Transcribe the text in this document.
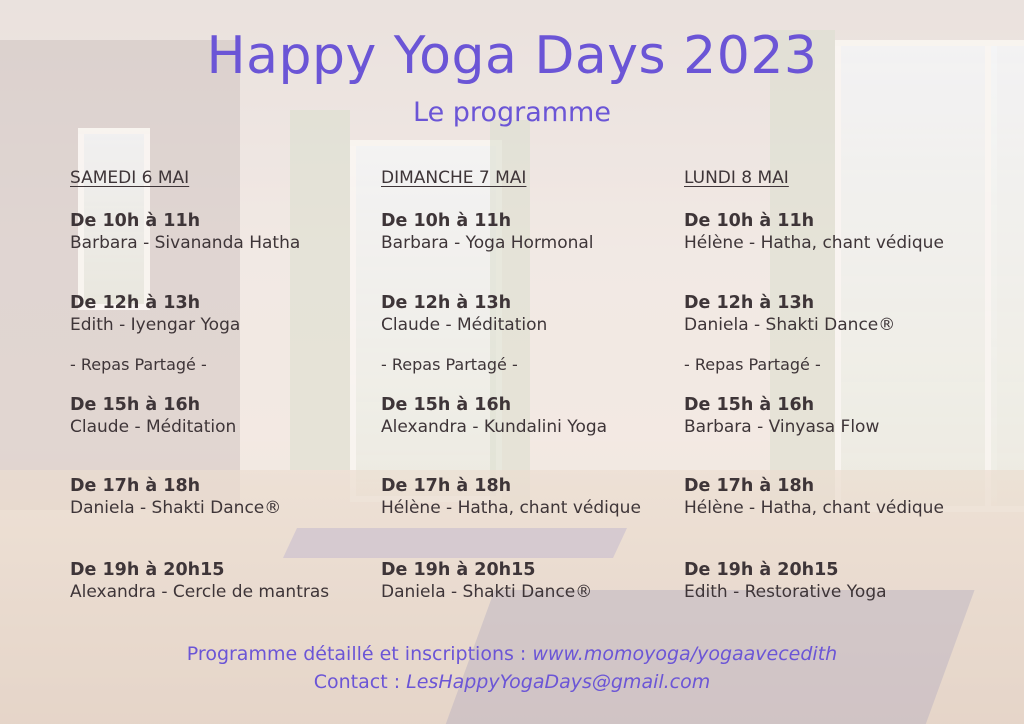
Happy Yoga Days 2023
Le programme
SAMEDI 6 MAI
De 10h à 11h
Barbara - Sivananda Hatha
De 12h à 13h
Edith - Iyengar Yoga
- Repas Partagé -
De 15h à 16h
Claude - Méditation
De 17h à 18h
Daniela - Shakti Dance®
De 19h à 20h15
Alexandra - Cercle de mantras
DIMANCHE 7 MAI
De 10h à 11h
Barbara - Yoga Hormonal
De 12h à 13h
Claude - Méditation
- Repas Partagé -
De 15h à 16h
Alexandra - Kundalini Yoga
De 17h à 18h
Hélène - Hatha, chant védique
De 19h à 20h15
Daniela - Shakti Dance®
LUNDI 8 MAI
De 10h à 11h
Hélène - Hatha, chant védique
De 12h à 13h
Daniela - Shakti Dance®
- Repas Partagé -
De 15h à 16h
Barbara - Vinyasa Flow
De 17h à 18h
Hélène - Hatha, chant védique
De 19h à 20h15
Edith - Restorative Yoga
Programme détaillé et inscriptions : www.momoyoga/yogaavecedith
Contact : LesHappyYogaDays@gmail.com
